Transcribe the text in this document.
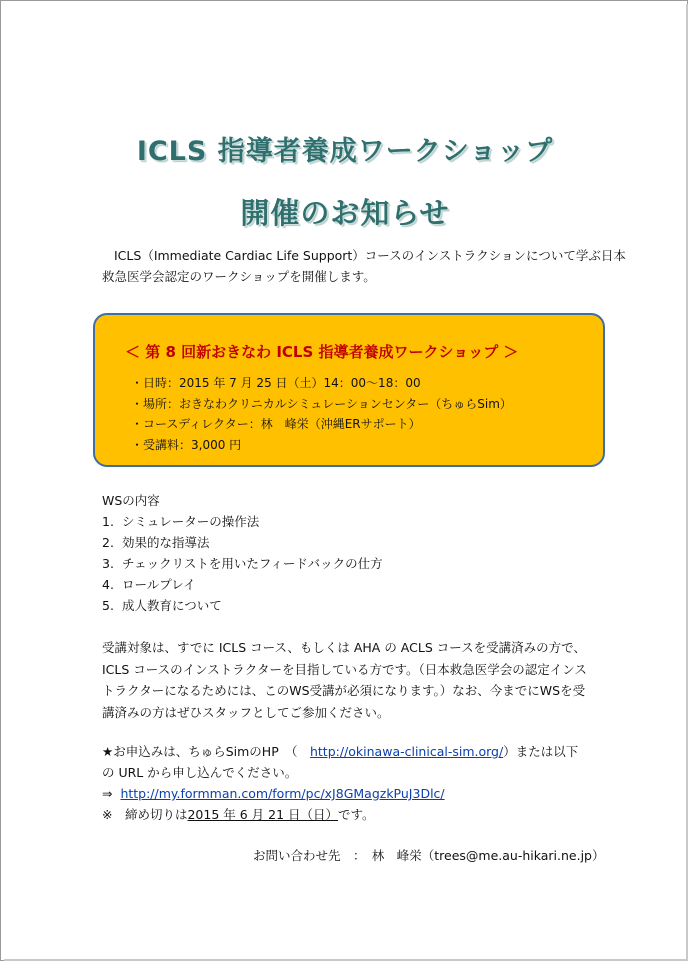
ICLS 指導者養成ワークショップ
開催のお知らせ
ICLS（Immediate Cardiac Life Support）コースのインストラクションについて学ぶ日本
救急医学会認定のワークショップを開催します。
＜ 第 8 回新おきなわ ICLS 指導者養成ワークショップ ＞
・日時：2015 年 7 月 25 日（土）14：00～18：00
・場所：おきなわクリニカルシミュレーションセンター（ちゅらSim）
・コースディレクター：林　峰栄（沖縄ERサポート）
・受講料：3,000 円
WSの内容
1. シミュレーターの操作法
2. 効果的な指導法
3. チェックリストを用いたフィードバックの仕方
4. ロールプレイ
5. 成人教育について
受講対象は、すでに ICLS コース、もしくは AHA の ACLS コースを受講済みの方で、
ICLS コースのインストラクターを目指している方です。（日本救急医学会の認定インス
トラクターになるためには、このWS受講が必須になります。）なお、今までにWSを受
講済みの方はぜひスタッフとしてご参加ください。
★お申込みは、ちゅらSimのHP　（　http://okinawa-clinical-sim.org/）または以下
の URL から申し込んでください。
⇒ http://my.formman.com/form/pc/xJ8GMagzkPuJ3Dlc/
※　締め切りは2015 年 6 月 21 日（日）です。
お問い合わせ先　：　林　峰栄（trees@me.au-hikari.ne.jp）
